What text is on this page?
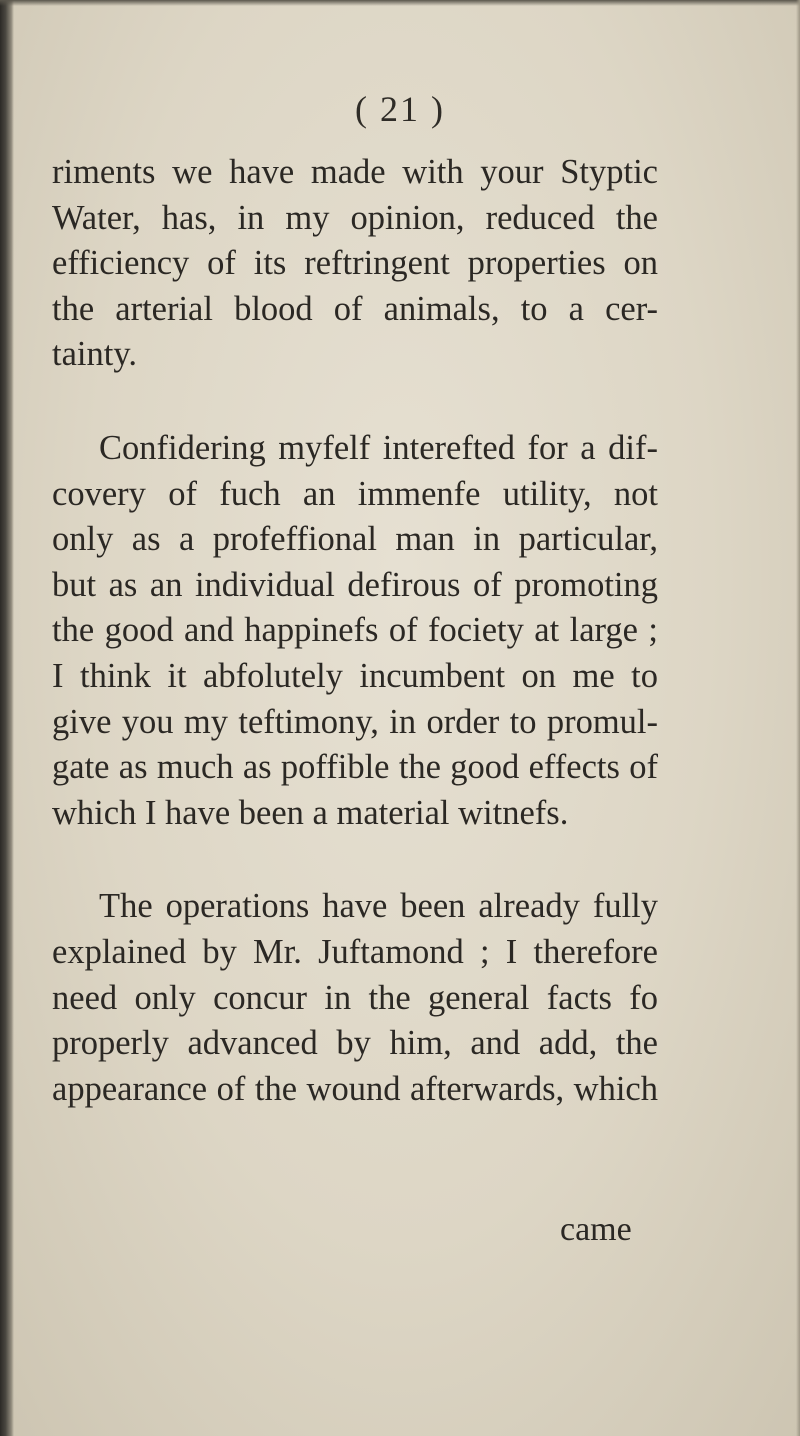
( 21 )
riments we have made with your Styptic
Water, has, in my opinion, reduced the
efficiency of its reftringent properties on
the arterial blood of animals, to a cer-
tainty.
Confidering myfelf interefted for a dif-
covery of fuch an immenfe utility, not
only as a profeffional man in particular,
but as an individual defirous of promoting
the good and happinefs of fociety at large ;
I think it abfolutely incumbent on me to
give you my teftimony, in order to promul-
gate as much as poffible the good effects of
which I have been a material witnefs.
The operations have been already fully
explained by Mr. Juftamond ; I therefore
need only concur in the general facts fo
properly advanced by him, and add, the
appearance of the wound afterwards, which
came
